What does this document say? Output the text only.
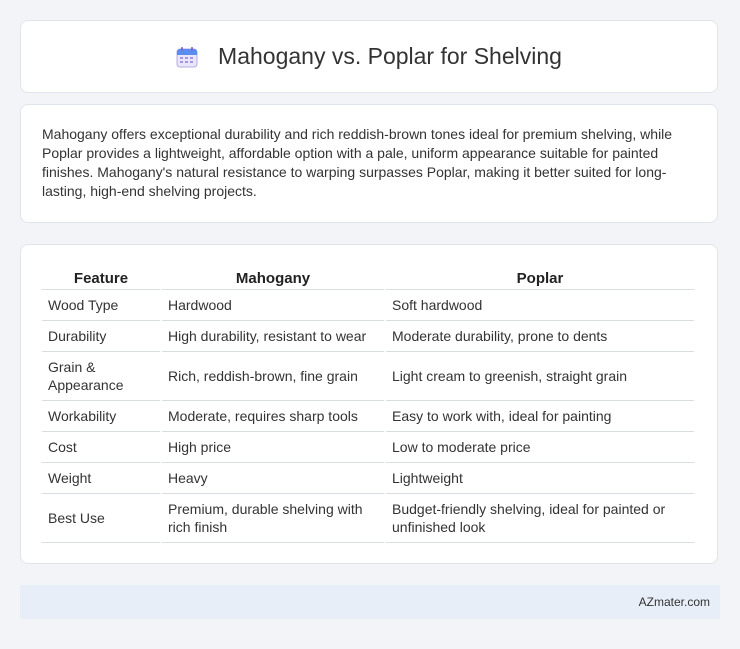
Mahogany vs. Poplar for Shelving

Mahogany offers exceptional durability and rich reddish-brown tones ideal for premium shelving, while Poplar provides a lightweight, affordable option with a pale, uniform appearance suitable for painted finishes. Mahogany's natural resistance to warping surpasses Poplar, making it better suited for long-lasting, high-end shelving projects.

Feature	Mahogany	Poplar
Wood Type	Hardwood	Soft hardwood
Durability	High durability, resistant to wear	Moderate durability, prone to dents
Grain & Appearance	Rich, reddish-brown, fine grain	Light cream to greenish, straight grain
Workability	Moderate, requires sharp tools	Easy to work with, ideal for painting
Cost	High price	Low to moderate price
Weight	Heavy	Lightweight
Best Use	Premium, durable shelving with rich finish	Budget-friendly shelving, ideal for painted or unfinished look
AZmater.com
